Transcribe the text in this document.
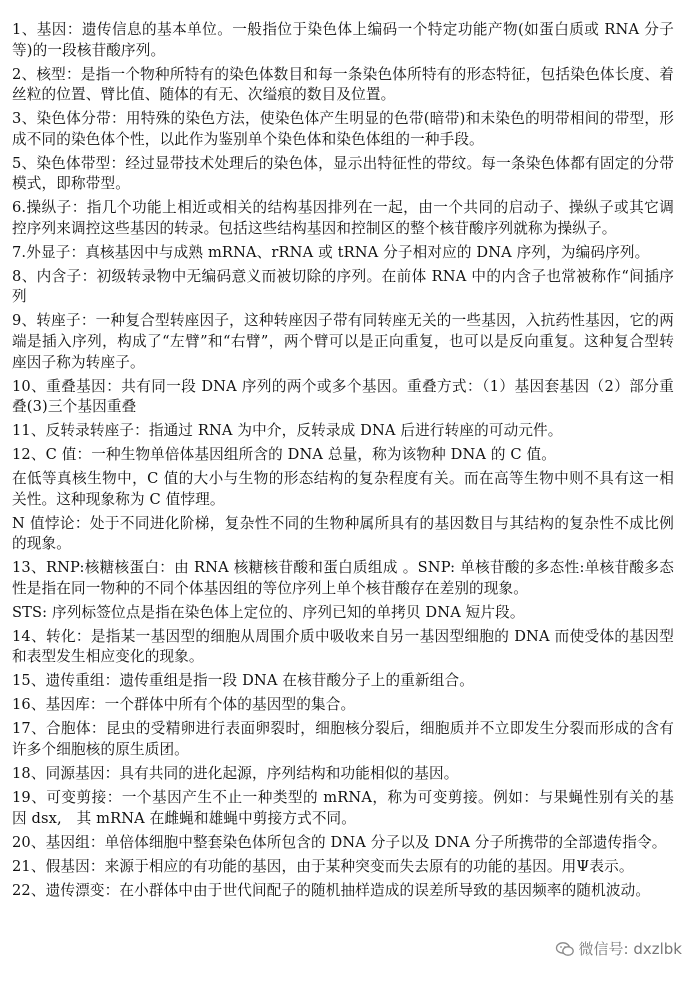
1、基因：遗传信息的基本单位。一般指位于染色体上编码一个特定功能产物(如蛋白质或 RNA 分子等)的一段核苷酸序列。

2、核型：是指一个物种所特有的染色体数目和每一条染色体所特有的形态特征，包括染色体长度、着丝粒的位置、臂比值、随体的有无、次缢痕的数目及位置。

3、染色体分带：用特殊的染色方法，使染色体产生明显的色带(暗带)和未染色的明带相间的带型，形成不同的染色体个性，以此作为鉴别单个染色体和染色体组的一种手段。

5、染色体带型：经过显带技术处理后的染色体，显示出特征性的带纹。每一条染色体都有固定的分带模式，即称带型。

6.操纵子：指几个功能上相近或相关的结构基因排列在一起，由一个共同的启动子、操纵子或其它调控序列来调控这些基因的转录。包括这些结构基因和控制区的整个核苷酸序列就称为操纵子。

7.外显子：真核基因中与成熟 mRNA、rRNA 或 tRNA 分子相对应的 DNA 序列，为编码序列。

8、内含子：初级转录物中无编码意义而被切除的序列。在前体 RNA 中的内含子也常被称作“间插序列

9、转座子：一种复合型转座因子，这种转座因子带有同转座无关的一些基因，入抗药性基因，它的两端是插入序列，构成了“左臂”和“右臂”，两个臂可以是正向重复，也可以是反向重复。这种复合型转座因子称为转座子。

10、重叠基因：共有同一段 DNA 序列的两个或多个基因。重叠方式：（1）基因套基因（2）部分重叠(3)三个基因重叠

11、反转录转座子：指通过 RNA 为中介，反转录成 DNA 后进行转座的可动元件。

12、C 值：一种生物单倍体基因组所含的 DNA 总量，称为该物种 DNA 的 C 值。

在低等真核生物中，C 值的大小与生物的形态结构的复杂程度有关。而在高等生物中则不具有这一相关性。这种现象称为 C 值悖理。

N 值悖论：处于不同进化阶梯，复杂性不同的生物种属所具有的基因数目与其结构的复杂性不成比例的现象。

13、RNP:核糖核蛋白：由 RNA 核糖核苷酸和蛋白质组成 。SNP: 单核苷酸的多态性:单核苷酸多态性是指在同一物种的不同个体基因组的等位序列上单个核苷酸存在差别的现象。

STS: 序列标签位点是指在染色体上定位的、序列已知的单拷贝 DNA 短片段。

14、转化：是指某一基因型的细胞从周围介质中吸收来自另一基因型细胞的 DNA 而使受体的基因型和表型发生相应变化的现象。

15、遗传重组：遗传重组是指一段 DNA 在核苷酸分子上的重新组合。

16、基因库：一个群体中所有个体的基因型的集合。

17、合胞体：昆虫的受精卵进行表面卵裂时，细胞核分裂后，细胞质并不立即发生分裂而形成的含有许多个细胞核的原生质团。

18、同源基因：具有共同的进化起源，序列结构和功能相似的基因。

19、可变剪接：一个基因产生不止一种类型的 mRNA，称为可变剪接。例如：与果蝇性别有关的基因 dsx,　其 mRNA 在雌蝇和雄蝇中剪接方式不同。

20、基因组：单倍体细胞中整套染色体所包含的 DNA 分子以及 DNA 分子所携带的全部遗传指令。

21、假基因：来源于相应的有功能的基因，由于某种突变而失去原有的功能的基因。用Ψ表示。

22、遗传漂变：在小群体中由于世代间配子的随机抽样造成的误差所导致的基因频率的随机波动。

微信号: dxzlbk
